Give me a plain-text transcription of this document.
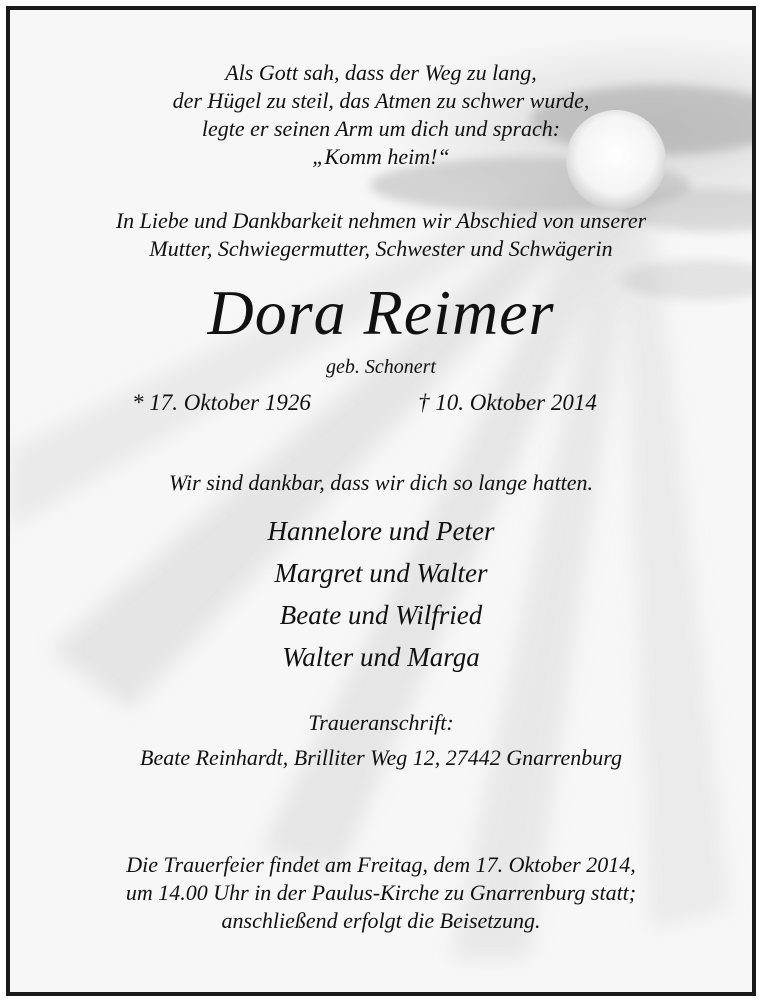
Als Gott sah, dass der Weg zu lang,
der Hügel zu steil, das Atmen zu schwer wurde,
legte er seinen Arm um dich und sprach:
„Komm heim!“
In Liebe und Dankbarkeit nehmen wir Abschied von unserer
Mutter, Schwiegermutter, Schwester und Schwägerin
Dora Reimer
geb. Schonert
* 17. Oktober 1926	† 10. Oktober 2014
Wir sind dankbar, dass wir dich so lange hatten.
Hannelore und Peter
Margret und Walter
Beate und Wilfried
Walter und Marga
Traueranschrift:
Beate Reinhardt, Brilliter Weg 12, 27442 Gnarrenburg
Die Trauerfeier findet am Freitag, dem 17. Oktober 2014,
um 14.00 Uhr in der Paulus-Kirche zu Gnarrenburg statt;
anschließend erfolgt die Beisetzung.
